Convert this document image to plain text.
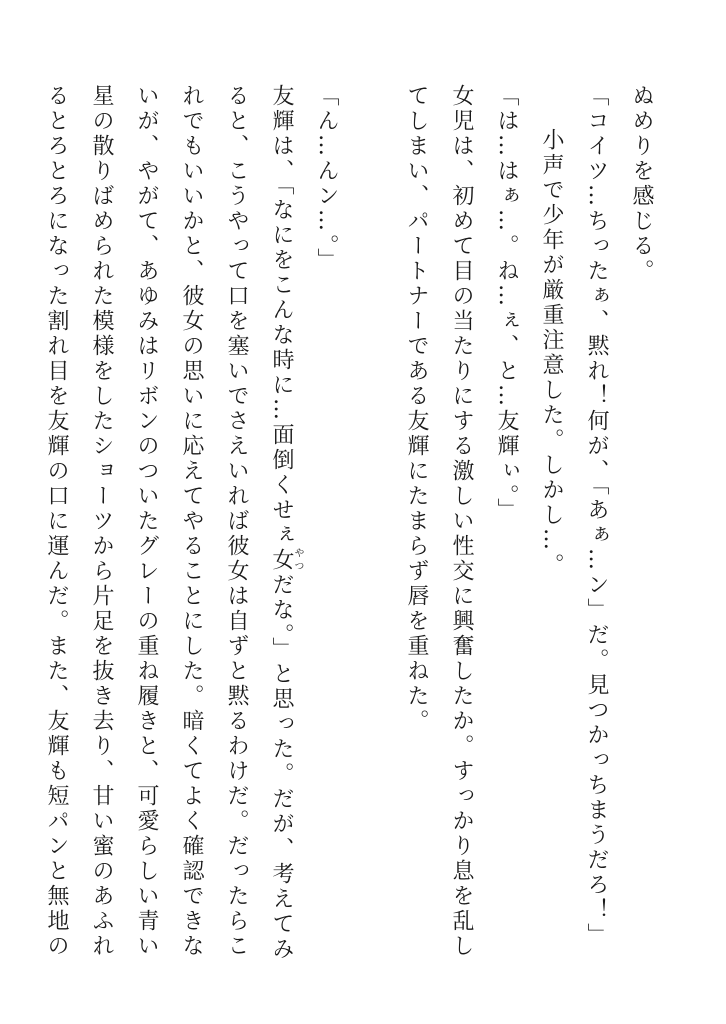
ぬめりを感じる。
「コイツ…ちったぁ、黙れ！何が、「あぁ…ン」だ。見つかっちまうだろ！」
小声で少年が厳重注意した。しかし…。
「は…はぁ…。ね…ぇ、と…友輝ぃ。」
女児は、初めて目の当たりにする激しい性交に興奮したか。すっかり息を乱し
てしまい、パートナーである友輝にたまらず唇を重ねた。
「ん…んン…。」
友輝は、「なにをこんな時に…面倒くせぇ女やつだな。」と思った。だが、考えてみ
ると、こうやって口を塞いでさえいれば彼女は自ずと黙るわけだ。だったらこ
れでもいいかと、彼女の思いに応えてやることにした。暗くてよく確認できな
いが、やがて、あゆみはリボンのついたグレーの重ね履きと、可愛らしい青い
星の散りばめられた模様をしたショーツから片足を抜き去り、甘い蜜のあふれ
るとろとろになった割れ目を友輝の口に運んだ。また、友輝も短パンと無地の
